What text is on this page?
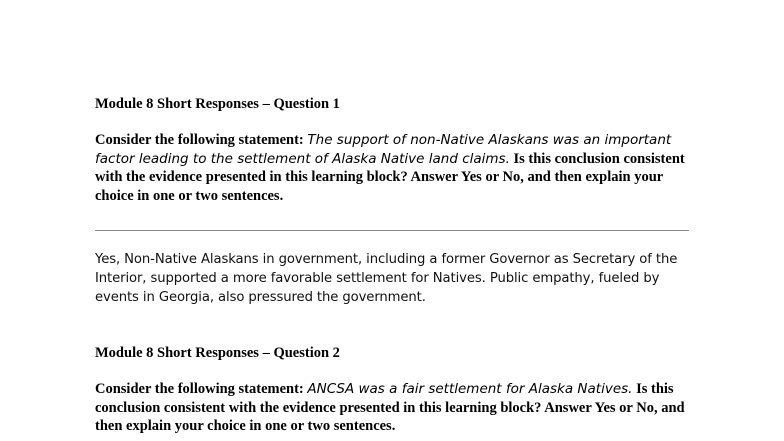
Module 8 Short Responses – Question 1
Consider the following statement: The support of non-Native Alaskans was an important factor leading to the settlement of Alaska Native land claims. Is this conclusion consistent with the evidence presented in this learning block? Answer Yes or No, and then explain your choice in one or two sentences.
Yes, Non-Native Alaskans in government, including a former Governor as Secretary of the Interior, supported a more favorable settlement for Natives. Public empathy, fueled by events in Georgia, also pressured the government.
Module 8 Short Responses – Question 2
Consider the following statement: ANCSA was a fair settlement for Alaska Natives. Is this conclusion consistent with the evidence presented in this learning block? Answer Yes or No, and then explain your choice in one or two sentences.
